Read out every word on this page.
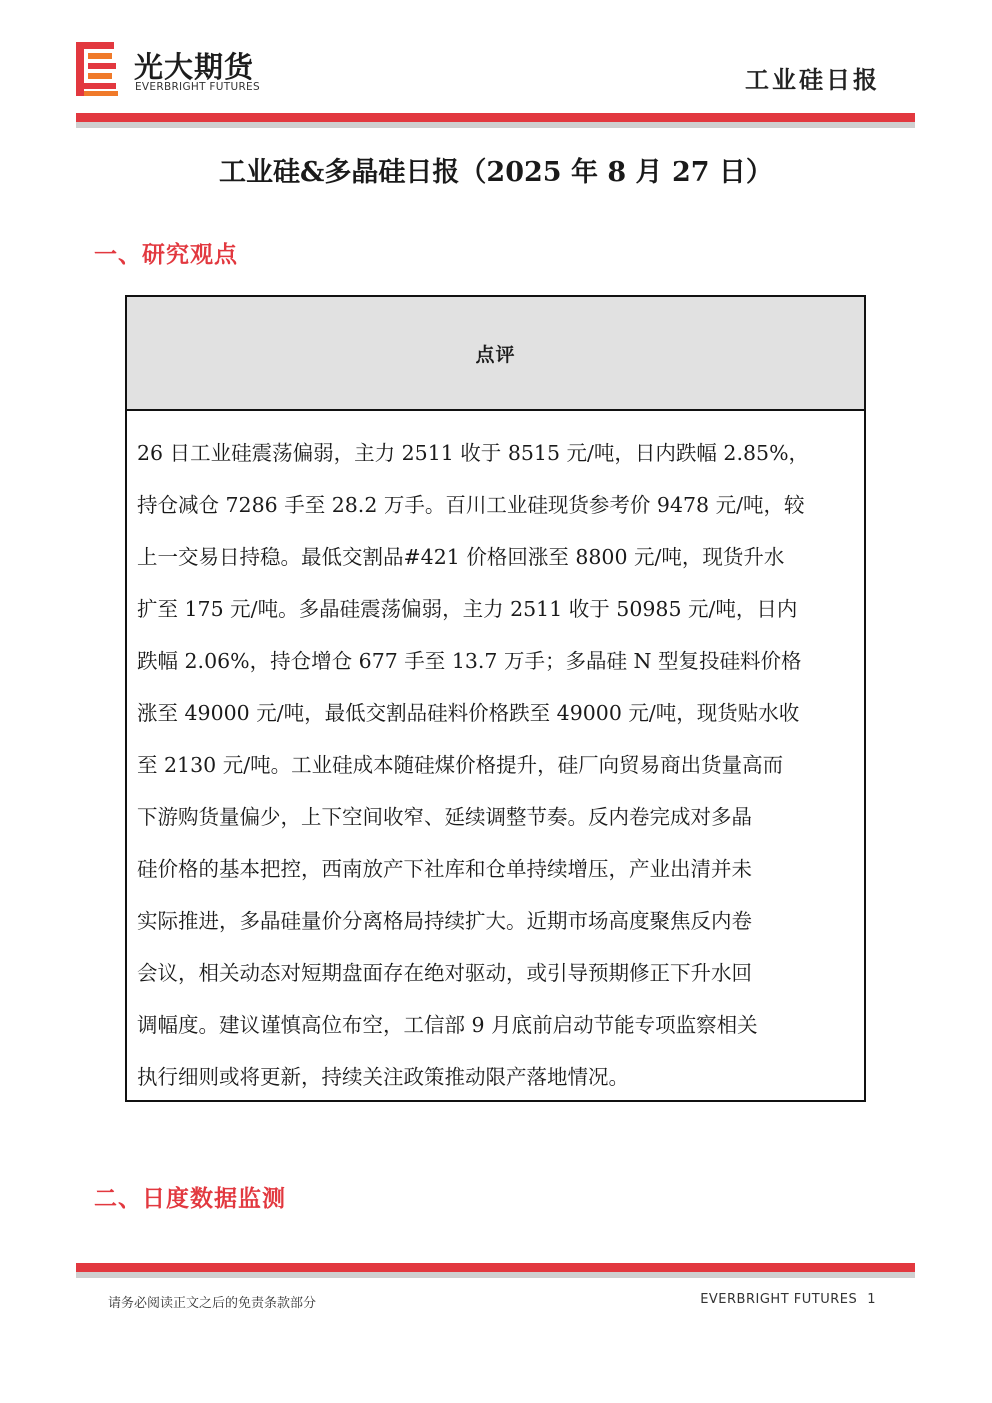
光大期货
EVERBRIGHT FUTURES	工业硅日报
工业硅&多晶硅日报（2025 年 8 月 27 日）
一、研究观点
点评
26 日工业硅震荡偏弱，主力 2511 收于 8515 元/吨，日内跌幅 2.85%，
持仓减仓 7286 手至 28.2 万手。百川工业硅现货参考价 9478 元/吨，较
上一交易日持稳。最低交割品#421 价格回涨至 8800 元/吨，现货升水
扩至 175 元/吨。多晶硅震荡偏弱，主力 2511 收于 50985 元/吨，日内
跌幅 2.06%，持仓增仓 677 手至 13.7 万手；多晶硅 N 型复投硅料价格
涨至 49000 元/吨，最低交割品硅料价格跌至 49000 元/吨，现货贴水收
至 2130 元/吨。工业硅成本随硅煤价格提升，硅厂向贸易商出货量高而
下游购货量偏少，上下空间收窄、延续调整节奏。反内卷完成对多晶
硅价格的基本把控，西南放产下社库和仓单持续增压，产业出清并未
实际推进，多晶硅量价分离格局持续扩大。近期市场高度聚焦反内卷
会议，相关动态对短期盘面存在绝对驱动，或引导预期修正下升水回
调幅度。建议谨慎高位布空，工信部 9 月底前启动节能专项监察相关
执行细则或将更新，持续关注政策推动限产落地情况。
二、日度数据监测
请务必阅读正文之后的免责条款部分	EVERBRIGHT FUTURES 1
